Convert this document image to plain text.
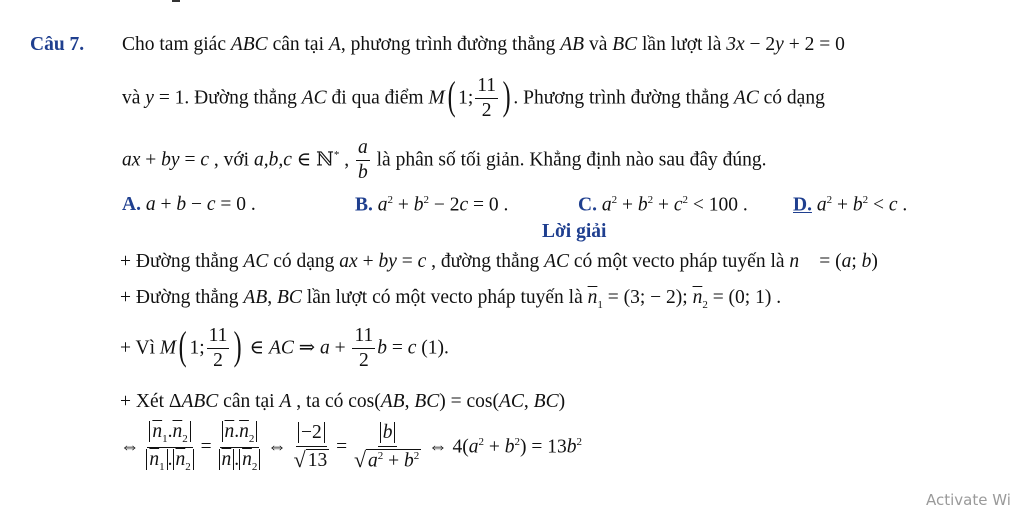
Câu 7. Cho tam giác ABC cân tại A, phương trình đường thẳng AB và BC lần lượt là 3x − 2y + 2 = 0
và y = 1. Đường thẳng AC đi qua điểm M( 1; $\frac{11}{2}$ ) . Phương trình đường thẳng AC có dạng
ax + by = c , với a,b,c ∈ ℕ* , $\frac{a}{b}$ là phân số tối giản. Khẳng định nào sau đây đúng.
A. a + b − c = 0 .	B. $a^2 + b^2 - 2c = 0$ .	C. $a^2 + b^2 + c^2 < 100$ . D. $a^2 + b^2 < c$ .
Lời giải
+ Đường thẳng AC có dạng ax + by = c , đường thẳng AC có một vecto pháp tuyến là n⃗ = (a; b)
+ Đường thẳng AB, BC lần lượt có một vecto pháp tuyến là $\overline{n}_1 = (3$; − 2); $\overline{n}_2 = (0$; 1) .
+ Vì M( 1; $\frac{11}{2}$ ) ∈ AC ⇒ $a + \frac{11}{2}$ b = c (1).
+ Xét ΔABC cân tại A , ta có cos(AB, BC) = cos(AC, BC)
⇔ $\frac{\overline{n}_1.\overline{n}_2}{\overline{n}_1 . \overline{n}_2} = \frac{\overline{n}.\overline{n}_2}{\overline{n} . \overline{n}_2}$ ⇔ $\frac{-2}{√ 13} = \frac{b}{√ a^2 + b^2}$ ⇔ $4(a^2 + b^2) = 13b^2$
Activate Wi
